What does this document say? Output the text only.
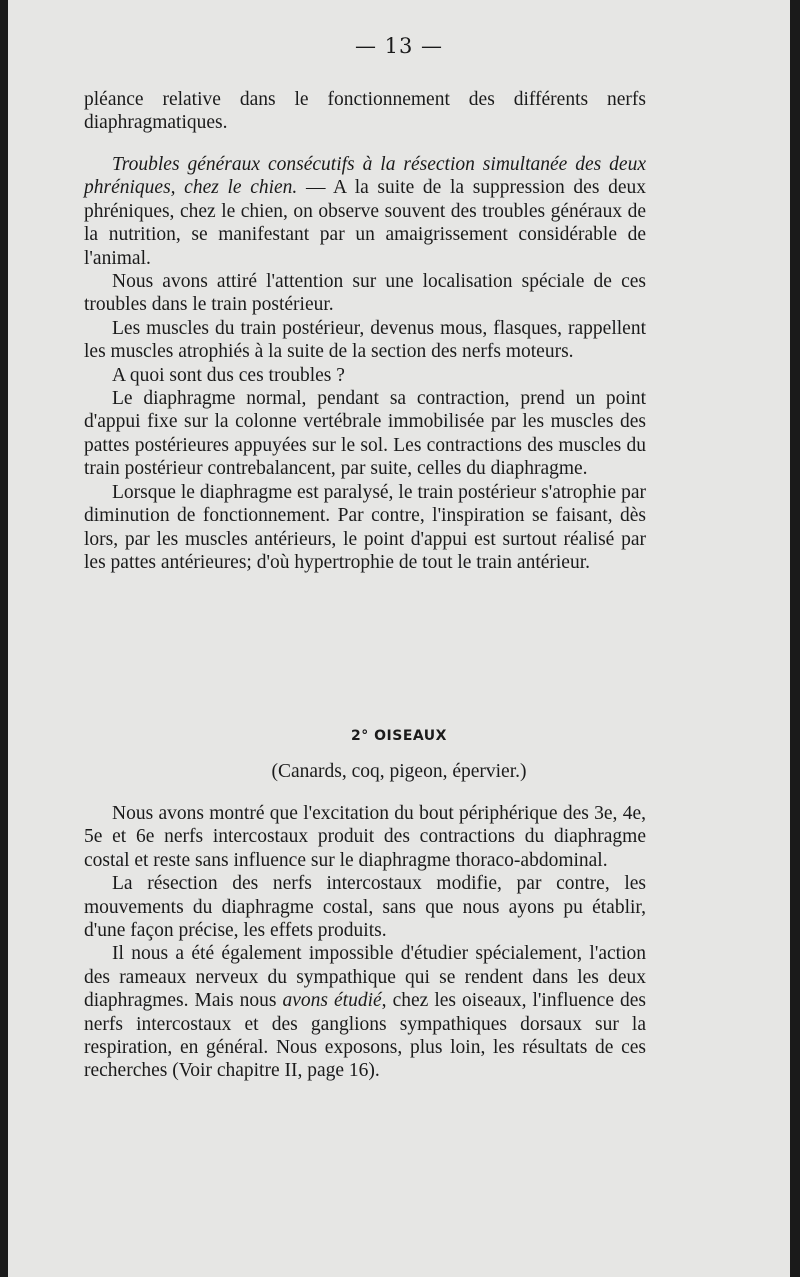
— 13 —

pléance relative dans le fonctionnement des différents nerfs diaphragmatiques.

Troubles généraux consécutifs à la résection simultanée des deux phréniques, chez le chien. — A la suite de la suppression des deux phréniques, chez le chien, on observe souvent des troubles généraux de la nutrition, se manifestant par un amaigrissement considérable de l'animal.

Nous avons attiré l'attention sur une localisation spéciale de ces troubles dans le train postérieur.

Les muscles du train postérieur, devenus mous, flasques, rappellent les muscles atrophiés à la suite de la section des nerfs moteurs.

A quoi sont dus ces troubles ?

Le diaphragme normal, pendant sa contraction, prend un point d'appui fixe sur la colonne vertébrale immobilisée par les muscles des pattes postérieures appuyées sur le sol. Les contractions des muscles du train postérieur contrebalancent, par suite, celles du diaphragme.

Lorsque le diaphragme est paralysé, le train postérieur s'atrophie par diminution de fonctionnement. Par contre, l'inspiration se faisant, dès lors, par les muscles antérieurs, le point d'appui est surtout réalisé par les pattes antérieures; d'où hypertrophie de tout le train antérieur.

2° OISEAUX
(Canards, coq, pigeon, épervier.)

Nous avons montré que l'excitation du bout périphérique des 3e, 4e, 5e et 6e nerfs intercostaux produit des contractions du diaphragme costal et reste sans influence sur le diaphragme thoraco-abdominal.

La résection des nerfs intercostaux modifie, par contre, les mouvements du diaphragme costal, sans que nous ayons pu établir, d'une façon précise, les effets produits.

Il nous a été également impossible d'étudier spécialement, l'action des rameaux nerveux du sympathique qui se rendent dans les deux diaphragmes. Mais nous avons étudié, chez les oiseaux, l'influence des nerfs intercostaux et des ganglions sympathiques dorsaux sur la respiration, en général. Nous exposons, plus loin, les résultats de ces recherches (Voir chapitre II, page 16).
